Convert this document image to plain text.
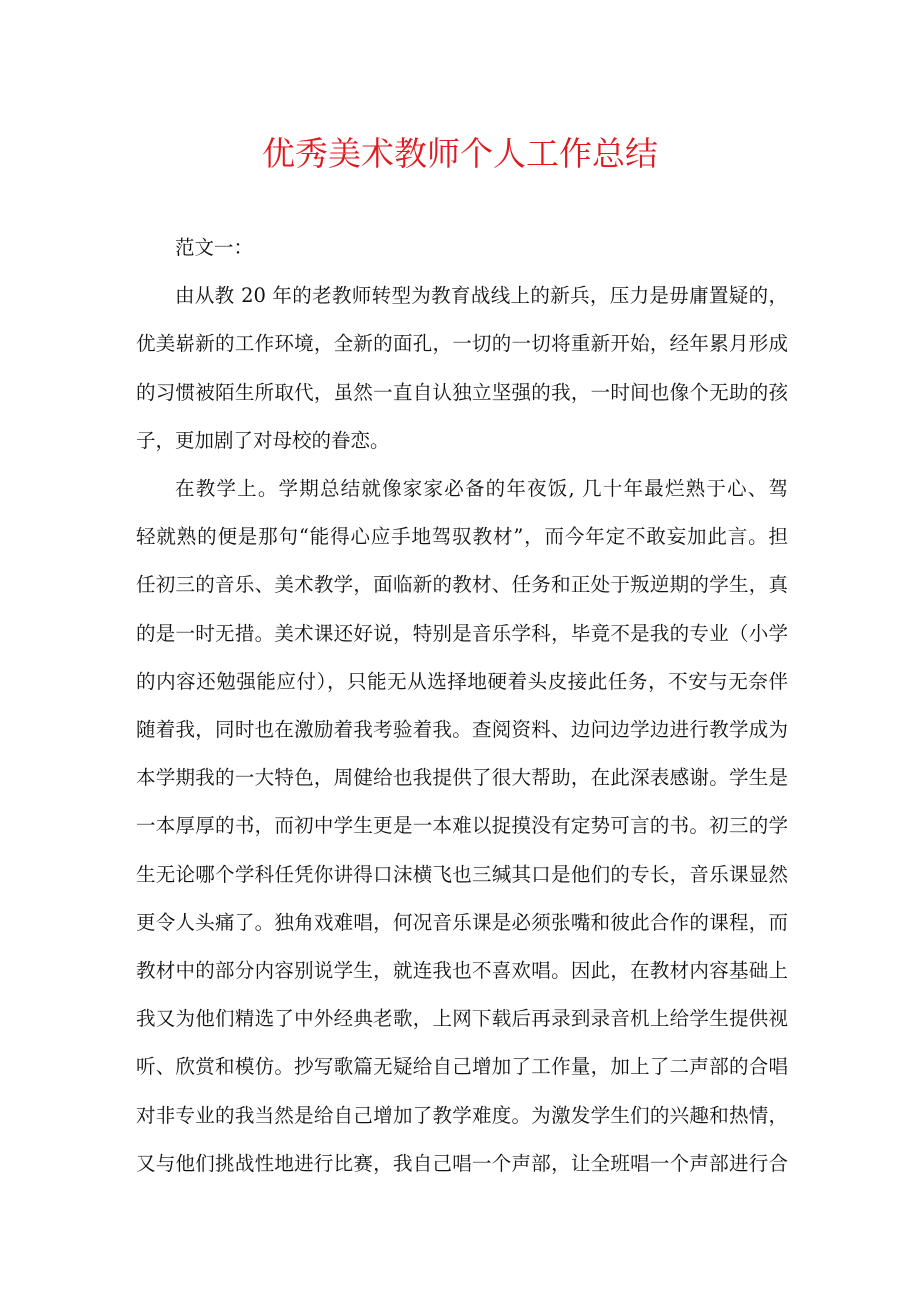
优秀美术教师个人工作总结
范文一：
由从教 20 年的老教师转型为教育战线上的新兵，压力是毋庸置疑的，
优美崭新的工作环境，全新的面孔，一切的一切将重新开始，经年累月形成
的习惯被陌生所取代，虽然一直自认独立坚强的我，一时间也像个无助的孩
子，更加剧了对母校的眷恋。
在教学上。学期总结就像家家必备的年夜饭, 几十年最烂熟于心、驾
轻就熟的便是那句“能得心应手地驾驭教材”，而今年定不敢妄加此言。担
任初三的音乐、美术教学，面临新的教材、任务和正处于叛逆期的学生，真
的是一时无措。美术课还好说，特别是音乐学科，毕竟不是我的专业（小学
的内容还勉强能应付），只能无从选择地硬着头皮接此任务，不安与无奈伴
随着我，同时也在激励着我考验着我。查阅资料、边问边学边进行教学成为
本学期我的一大特色，周健给也我提供了很大帮助，在此深表感谢。学生是
一本厚厚的书，而初中学生更是一本难以捉摸没有定势可言的书。初三的学
生无论哪个学科任凭你讲得口沫横飞也三缄其口是他们的专长，音乐课显然
更令人头痛了。独角戏难唱，何况音乐课是必须张嘴和彼此合作的课程，而
教材中的部分内容别说学生，就连我也不喜欢唱。因此，在教材内容基础上
我又为他们精选了中外经典老歌，上网下载后再录到录音机上给学生提供视
听、欣赏和模仿。抄写歌篇无疑给自己增加了工作量，加上了二声部的合唱
对非专业的我当然是给自己增加了教学难度。为激发学生们的兴趣和热情，
又与他们挑战性地进行比赛，我自己唱一个声部，让全班唱一个声部进行合
